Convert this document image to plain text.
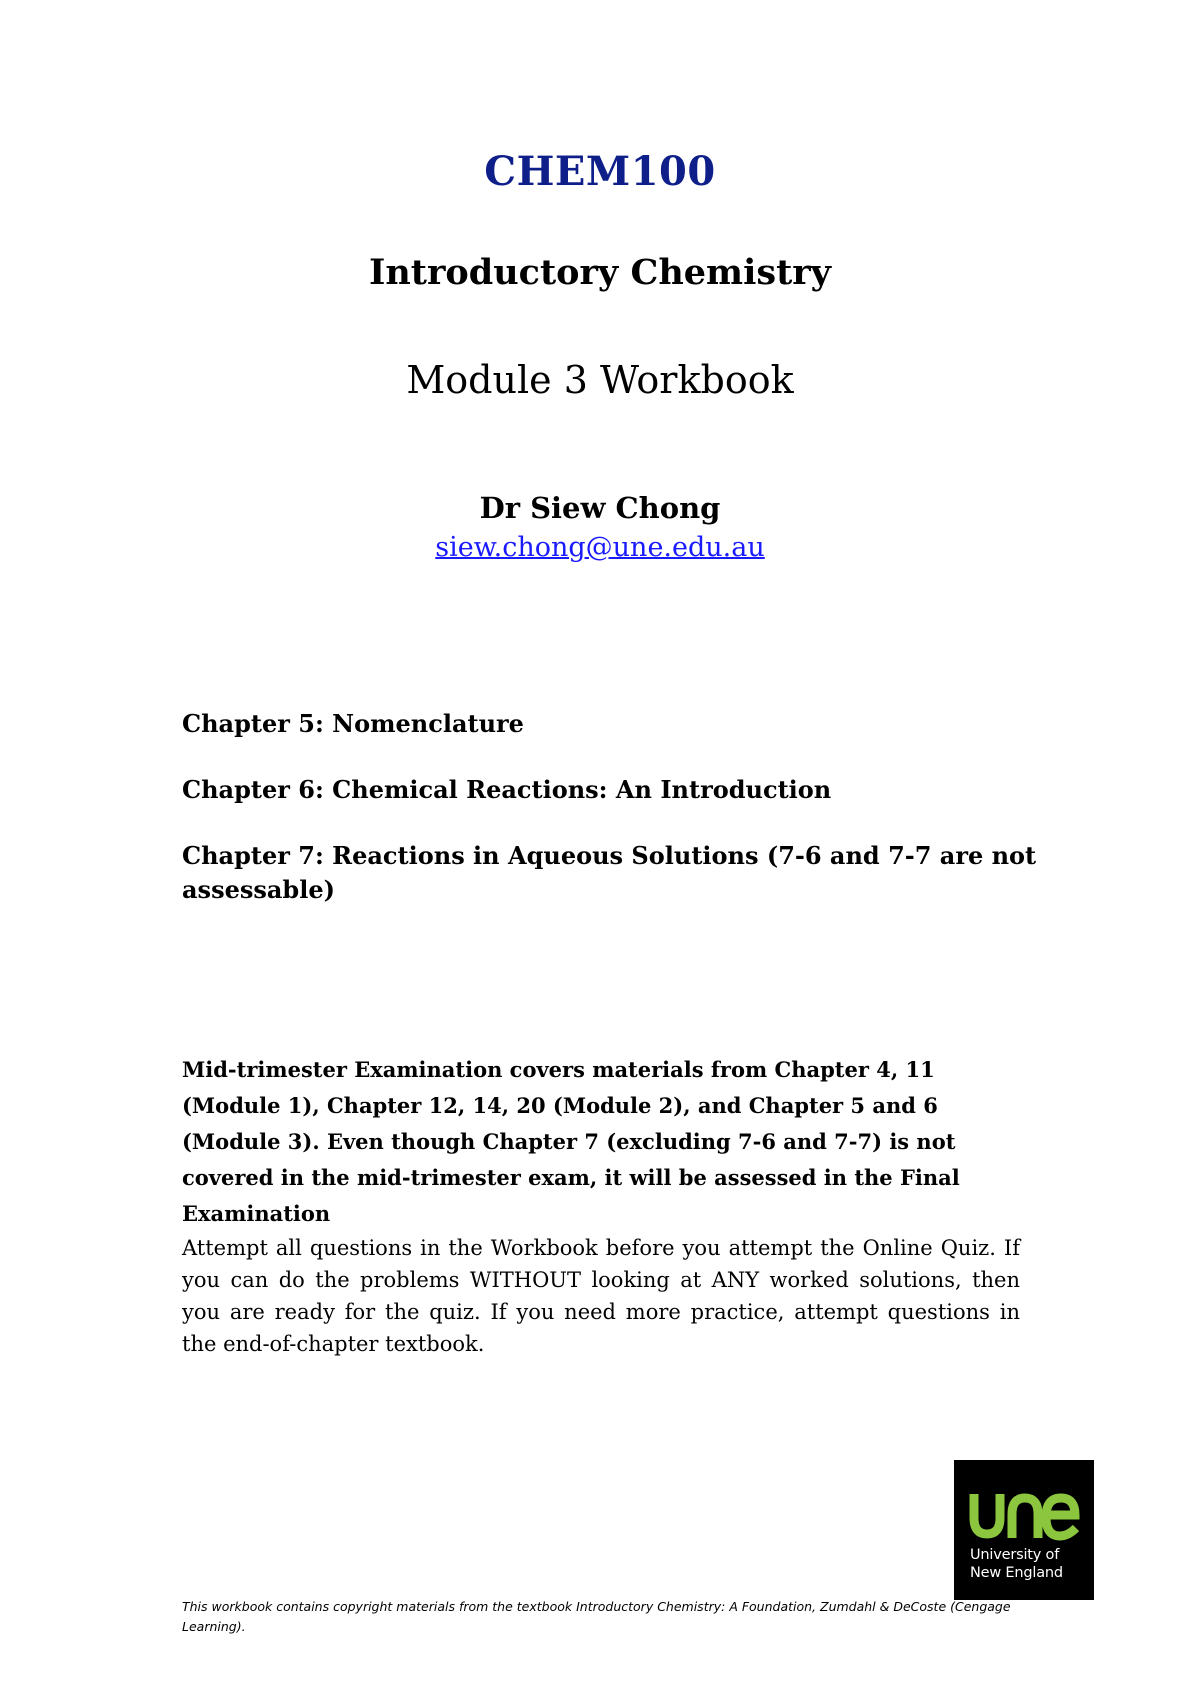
CHEM100
Introductory Chemistry
Module 3 Workbook
Dr Siew Chong
siew.chong@une.edu.au

Chapter 5: Nomenclature

Chapter 6: Chemical Reactions: An Introduction

Chapter 7: Reactions in Aqueous Solutions (7-6 and 7-7 are not assessable)

Mid-trimester Examination covers materials from Chapter 4, 11 (Module 1), Chapter 12, 14, 20 (Module 2), and Chapter 5 and 6 (Module 3). Even though Chapter 7 (excluding 7-6 and 7-7) is not covered in the mid-trimester exam, it will be assessed in the Final Examination
Attempt all questions in the Workbook before you attempt the Online Quiz. If you can do the problems WITHOUT looking at ANY worked solutions, then you are ready for the quiz. If you need more practice, attempt questions in the end-of-chapter textbook.
University of
New England
This workbook contains copyright materials from the textbook Introductory Chemistry: A Foundation, Zumdahl & DeCoste (Cengage Learning).
